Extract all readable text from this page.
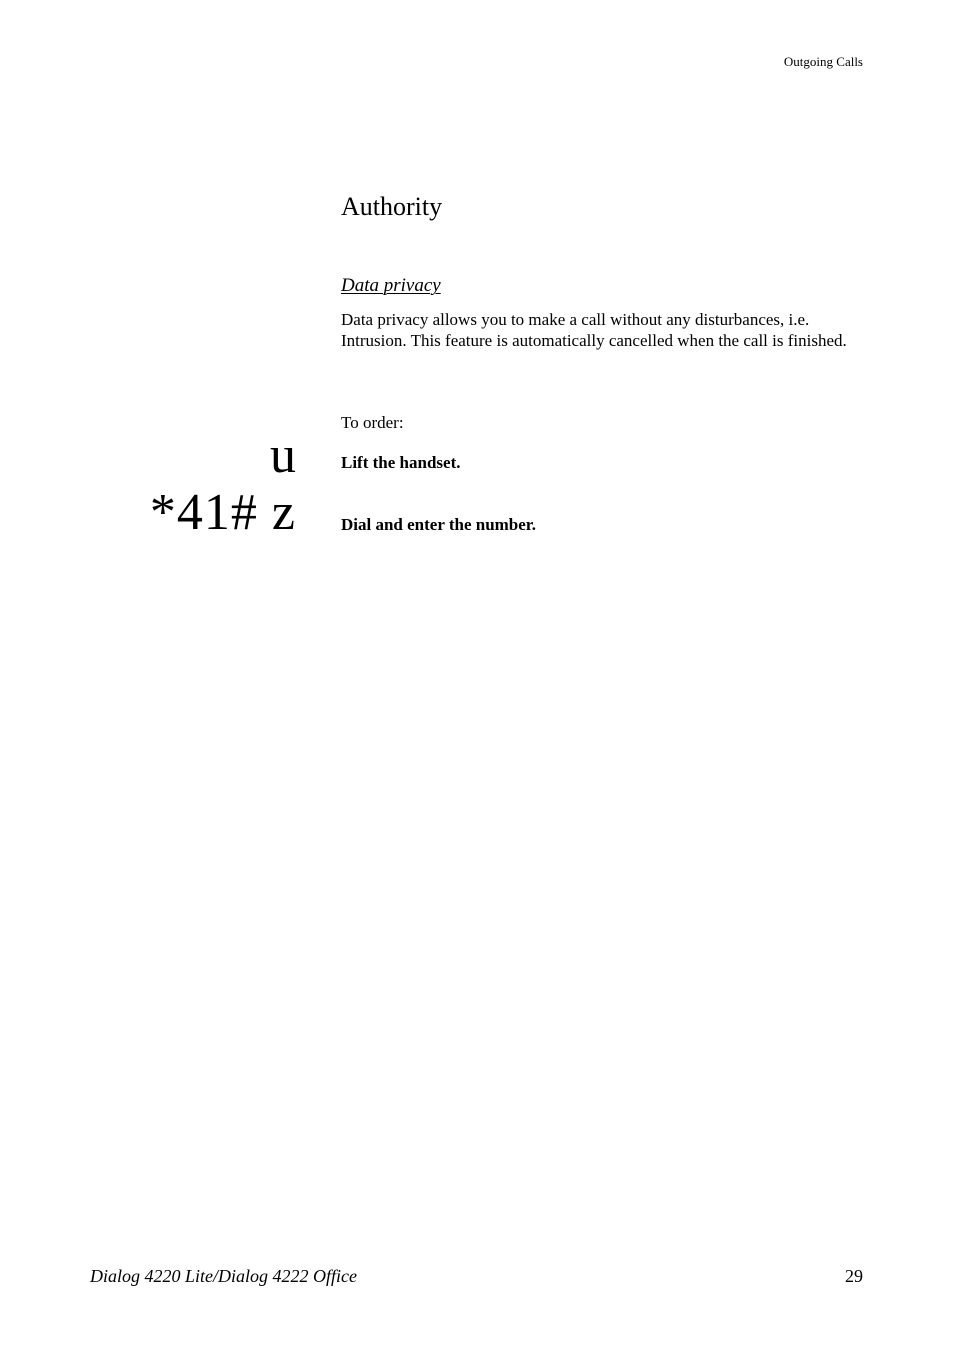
Outgoing Calls
Authority
Data privacy

Data privacy allows you to make a call without any disturbances, i.e. Intrusion. This feature is automatically cancelled when the call is finished.

To order:
u	Lift the handset.
*41# z	Dial and enter the number.
Dialog 4220 Lite/Dialog 4222 Office	29
